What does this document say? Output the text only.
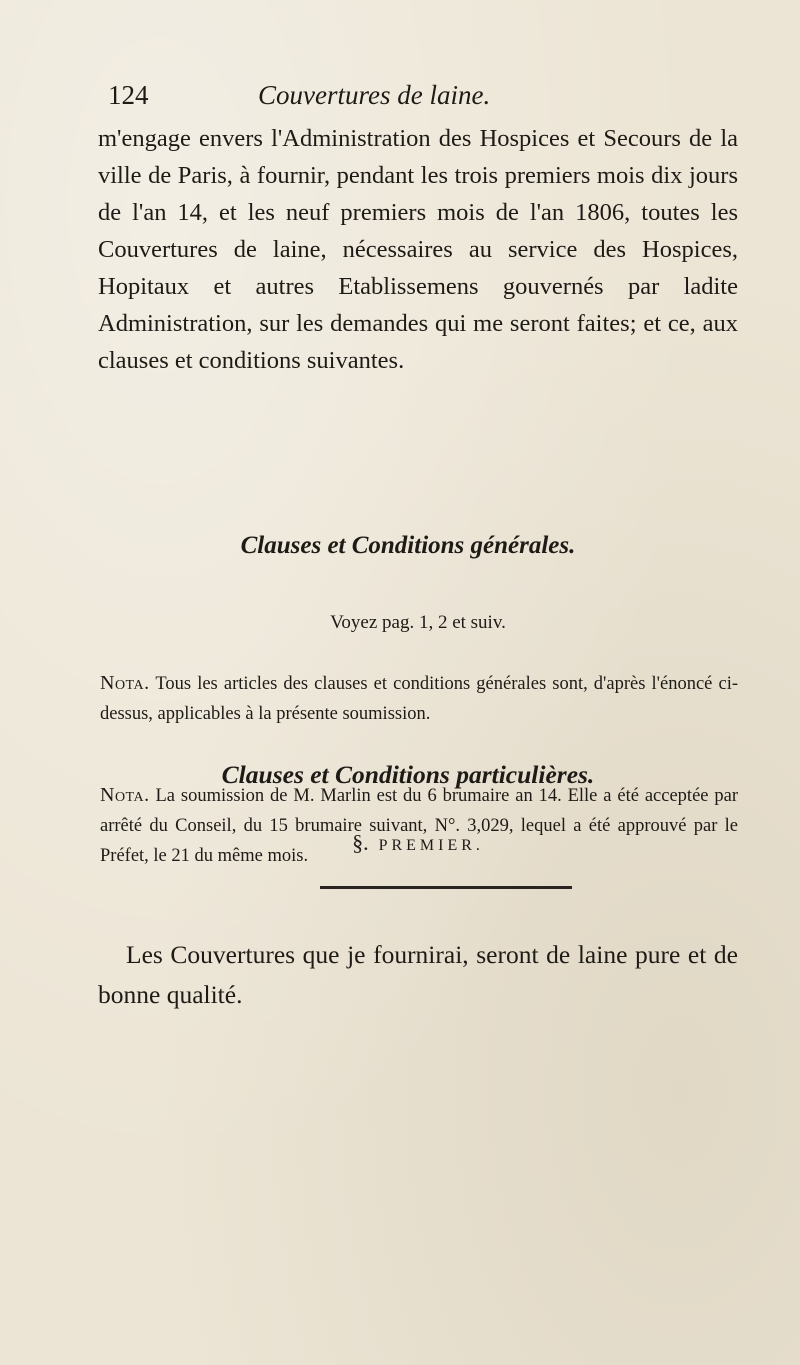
124	Couvertures de laine.

m'engage envers l'Administration des Hospices et Secours de la ville de Paris, à fournir, pendant les trois premiers mois dix jours de l'an 14, et les neuf premiers mois de l'an 1806, toutes les Couvertures de laine, nécessaires au service des Hospices, Hopitaux et autres Etablissemens gouvernés par ladite Administration, sur les demandes qui me seront faites; et ce, aux clauses et conditions suivantes.

Clauses et Conditions générales.

Voyez pag. 1, 2 et suiv.

Nota. Tous les articles des clauses et conditions générales sont, d'après l'énoncé ci-dessus, applicables à la présente soumission.

Nota. La soumission de M. Marlin est du 6 brumaire an 14. Elle a été acceptée par arrêté du Conseil, du 15 brumaire suivant, N°. 3,029, lequel a été approuvé par le Préfet, le 21 du même mois.

Clauses et Conditions particulières.
§. PREMIER.

Les Couvertures que je fournirai, seront de laine pure et de bonne qualité.
